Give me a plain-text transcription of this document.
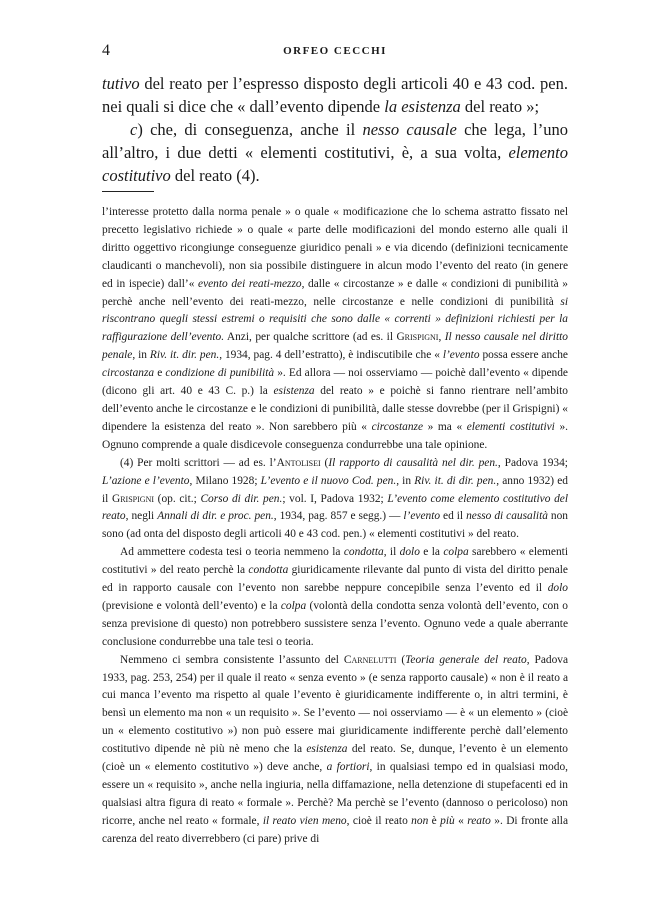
4	ORFEO CECCHI

tutivo del reato per l’espresso disposto degli articoli 40 e 43 cod. pen. nei quali si dice che « dall’evento dipende la esistenza del reato »;

c) che, di conseguenza, anche il nesso causale che lega, l’uno all’altro, i due detti « elementi costitutivi, è, a sua volta, elemento costitutivo del reato (4).

l’interesse protetto dalla norma penale » o quale « modificazione che lo schema astratto fissato nel precetto legislativo richiede » o quale « parte delle modificazioni del mondo esterno alle quali il diritto oggettivo ricongiunge conseguenze giuridico penali » e via dicendo (definizioni tecnicamente claudicanti o manchevoli), non sia possibile distinguere in alcun modo l’evento del reato (in genere ed in ispecie) dall’« evento dei reati-mezzo, dalle « circostanze » e dalle « condizioni di punibilità » perchè anche nell’evento dei reati-mezzo, nelle circostanze e nelle condizioni di punibilità si riscontrano quegli stessi estremi o requisiti che sono dalle « correnti » definizioni richiesti per la raffigurazione dell’evento. Anzi, per qualche scrittore (ad es. il Grispigni, Il nesso causale nel diritto penale, in Riv. it. dir. pen., 1934, pag. 4 dell’estratto), è indiscutibile che « l’evento possa essere anche circostanza e condizione di punibilità ». Ed allora — noi osserviamo — poichè dall’evento « dipende (dicono gli art. 40 e 43 C. p.) la esistenza del reato » e poichè si fanno rientrare nell’ambito dell’evento anche le circostanze e le condizioni di punibilità, dalle stesse dovrebbe (per il Grispigni) « dipendere la esistenza del reato ». Non sarebbero più « circostanze » ma « elementi costitutivi ». Ognuno comprende a quale disdicevole conseguenza condurrebbe una tale opinione.

(4) Per molti scrittori — ad es. l’Antolisei (Il rapporto di causalità nel dir. pen., Padova 1934; L’azione e l’evento, Milano 1928; L’evento e il nuovo Cod. pen., in Riv. it. di dir. pen., anno 1932) ed il Grispigni (op. cit.; Corso di dir. pen.; vol. I, Padova 1932; L’evento come elemento costitutivo del reato, negli Annali di dir. e proc. pen., 1934, pag. 857 e segg.) — l’evento ed il nesso di causalità non sono (ad onta del disposto degli articoli 40 e 43 cod. pen.) « elementi costitutivi » del reato.

Ad ammettere codesta tesi o teoria nemmeno la condotta, il dolo e la colpa sarebbero « elementi costitutivi » del reato perchè la condotta giuridicamente rilevante dal punto di vista del diritto penale ed in rapporto causale con l’evento non sarebbe neppure concepibile senza l’evento ed il dolo (previsione e volontà dell’evento) e la colpa (volontà della condotta senza volontà dell’evento, con o senza previsione di questo) non potrebbero sussistere senza l’evento. Ognuno vede a quale aberrante conclusione condurrebbe una tale tesi o teoria.

Nemmeno ci sembra consistente l’assunto del Carnelutti (Teoria generale del reato, Padova 1933, pag. 253, 254) per il quale il reato « senza evento » (e senza rapporto causale) « non è il reato a cui manca l’evento ma rispetto al quale l’evento è giuridicamente indifferente o, in altri termini, è bensì un elemento ma non « un requisito ». Se l’evento — noi osserviamo — è « un elemento » (cioè un « elemento costitutivo ») non può essere mai giuridicamente indifferente perchè dall’elemento costitutivo dipende nè più nè meno che la esistenza del reato. Se, dunque, l’evento è un elemento (cioè un « elemento costitutivo ») deve anche, a fortiori, in qualsiasi tempo ed in qualsiasi modo, essere un « requisito », anche nella ingiuria, nella diffamazione, nella detenzione di stupefacenti ed in qualsiasi altra figura di reato « formale ». Perchè? Ma perchè se l’evento (dannoso o pericoloso) non ricorre, anche nel reato « formale, il reato vien meno, cioè il reato non è più « reato ». Di fronte alla carenza del reato diverrebbero (ci pare) prive di
